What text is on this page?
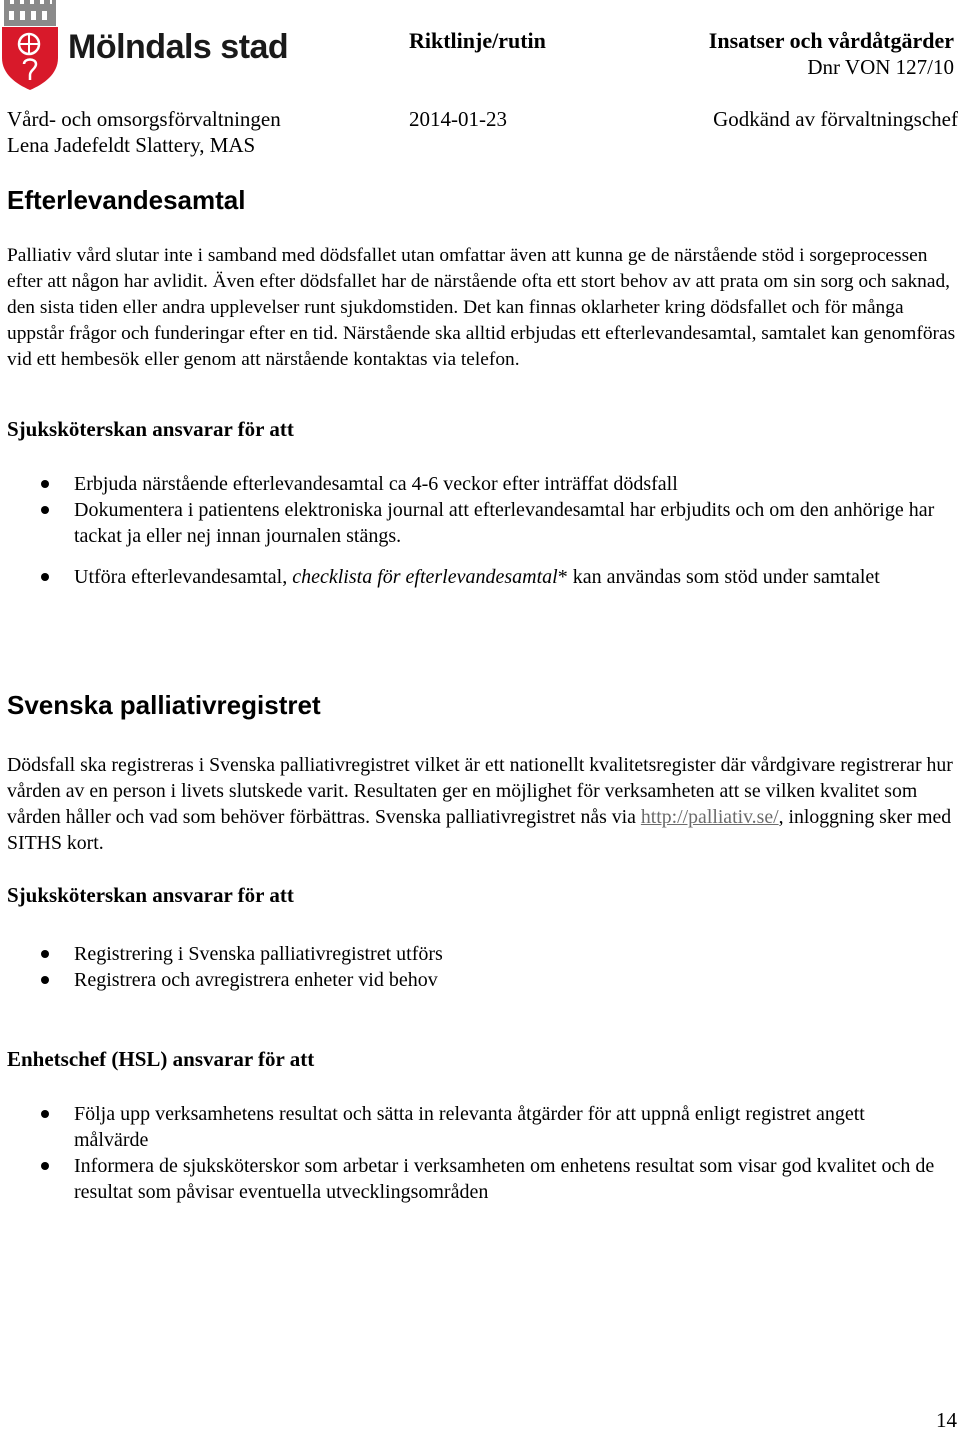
Mölndals stad	Riktlinje/rutin	Insatser och vårdåtgärder
Dnr VON 127/10
Vård- och omsorgsförvaltningen	2014-01-23	Godkänd av förvaltningschef
Lena Jadefeldt Slattery, MAS
Efterlevandesamtal
Palliativ vård slutar inte i samband med dödsfallet utan omfattar även att kunna ge de närstående stöd i sorgeprocessen efter att någon har avlidit. Även efter dödsfallet har de närstående ofta ett stort behov av att prata om sin sorg och saknad, den sista tiden eller andra upplevelser runt sjukdomstiden. Det kan finnas oklarheter kring dödsfallet och för många uppstår frågor och funderingar efter en tid. Närstående ska alltid erbjudas ett efterlevandesamtal, samtalet kan genomföras vid ett hembesök eller genom att närstående kontaktas via telefon.
Sjuksköterskan ansvarar för att
Erbjuda närstående efterlevandesamtal ca 4-6 veckor efter inträffat dödsfall
Dokumentera i patientens elektroniska journal att efterlevandesamtal har erbjudits och om den anhörige har tackat ja eller nej innan journalen stängs.
Utföra efterlevandesamtal, checklista för efterlevandesamtal* kan användas som stöd under samtalet
Svenska palliativregistret
Dödsfall ska registreras i Svenska palliativregistret vilket är ett nationellt kvalitetsregister där vårdgivare registrerar hur vården av en person i livets slutskede varit. Resultaten ger en möjlighet för verksamheten att se vilken kvalitet som vården håller och vad som behöver förbättras. Svenska palliativregistret nås via http://palliativ.se/, inloggning sker med SITHS kort.
Sjuksköterskan ansvarar för att
Registrering i Svenska palliativregistret utförs
Registrera och avregistrera enheter vid behov
Enhetschef (HSL) ansvarar för att
Följa upp verksamhetens resultat och sätta in relevanta åtgärder för att uppnå enligt registret angett målvärde
Informera de sjuksköterskor som arbetar i verksamheten om enhetens resultat som visar god kvalitet och de resultat som påvisar eventuella utvecklingsområden
14
